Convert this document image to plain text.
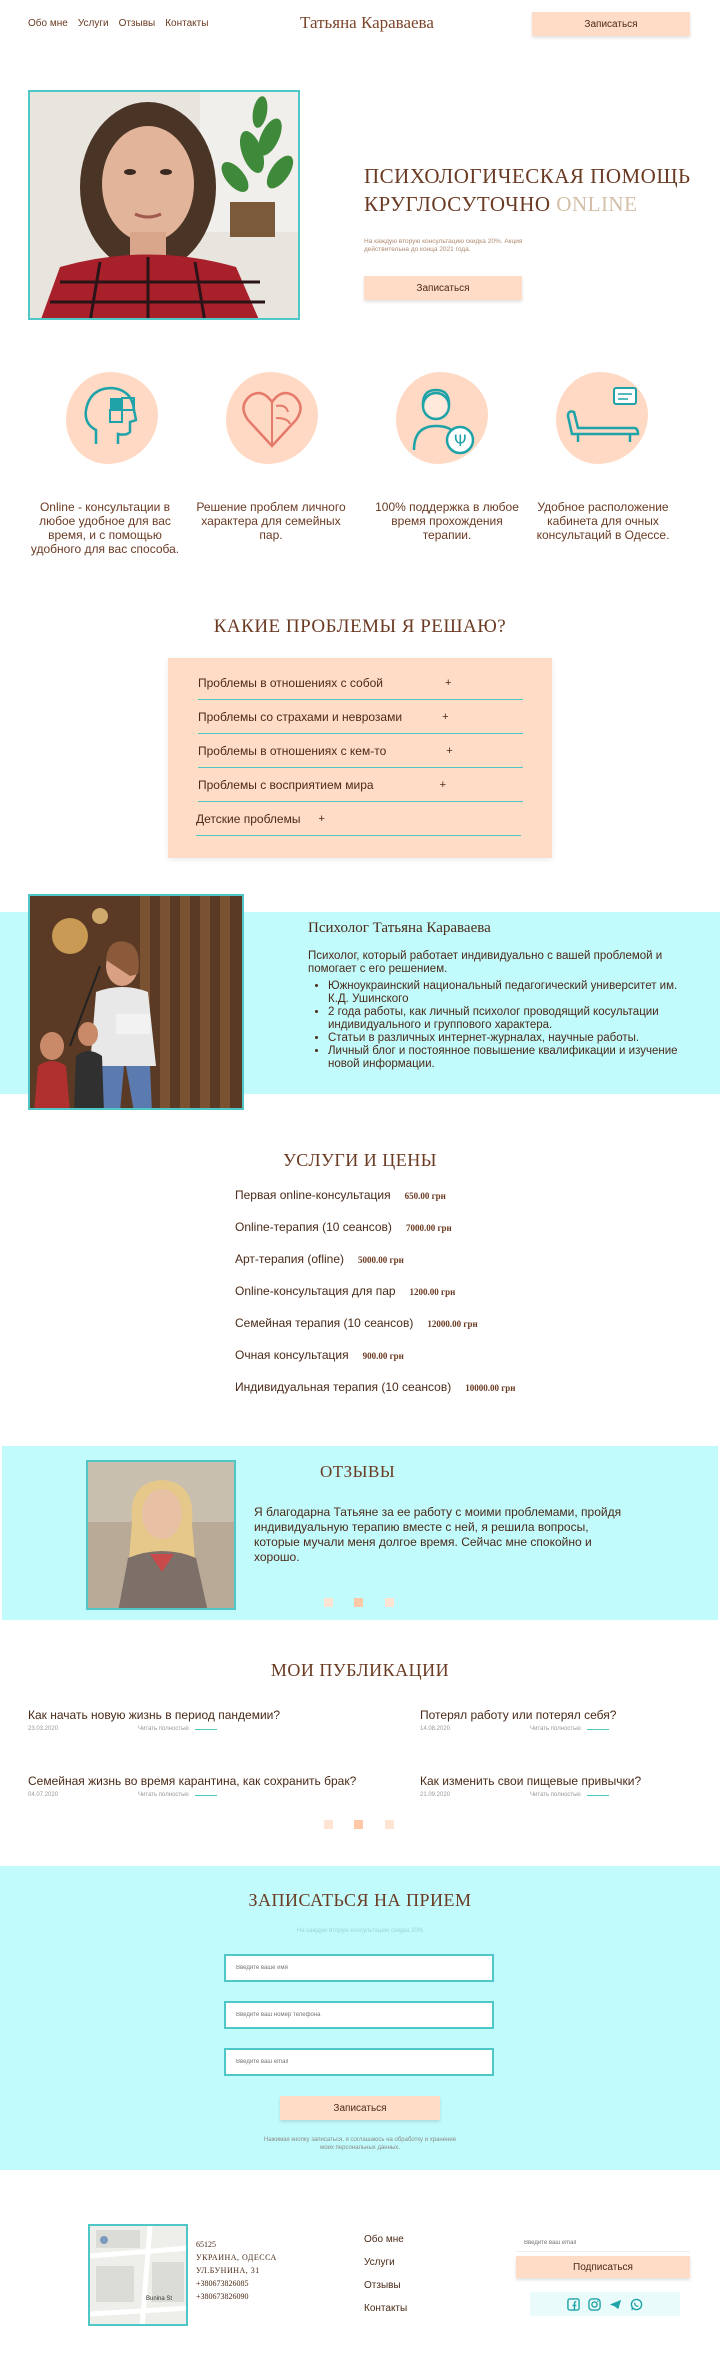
Обо мне Услуги Отзывы Контакты	Татьяна Караваева	Записаться
ПСИХОЛОГИЧЕСКАЯ ПОМОЩЬ
КРУГЛОСУТОЧНО ONLINE
На каждую вторую консультацию скидка 20%. Акция действительна до конца 2021 года.
Записаться
Online - консультации в любое удобное для вас время, и с помощью удобного для вас способа.
Решение проблем личного характера для семейных пар.
Ψ
100% поддержка в любое время прохождения терапии.
Удобное расположение кабинета для очных консультаций в Одессе.
КАКИЕ ПРОБЛЕМЫ Я РЕШАЮ?
Проблемы в отношениях с собой	+
Проблемы со страхами и неврозами	+
Проблемы в отношениях с кем-то	+
Проблемы с восприятием мира	+
Детские проблемы +
Психолог Татьяна Караваева
Психолог, который работает индивидуально с вашей проблемой и помогает с его решением.
• Южноукраинский национальный педагогический университет им. К.Д. Ушинского
• 2 года работы, как личный психолог проводящий косультации индивидуального и группового характера.
• Статьи в различных интернет-журналах, научные работы.
• Личный блог и постоянное повышение квалификации и изучение новой информации.
УСЛУГИ И ЦЕНЫ
Первая online-консультация 650.00 грн
Online-терапия (10 сеансов) 7000.00 грн
Арт-терапия (ofline) 5000.00 грн
Online-консультация для пар 1200.00 грн
Семейная терапия (10 сеансов) 12000.00 грн
Очная консультация 900.00 грн
Индивидуальная терапия (10 сеансов) 10000.00 грн
ОТЗЫВЫ
Я благодарна Татьяне за ее работу с моими проблемами, пройдя индивидуальную терапию вместе с ней, я решила вопросы, которые мучали меня долгое время. Сейчас мне спокойно и хорошо.
МОИ ПУБЛИКАЦИИ
Как начать новую жизнь в период пандемии?
23.03.2020	Читать полностью
Потерял работу или потерял себя?
14.08.2020	Читать полностью
Семейная жизнь во время карантина, как сохранить брак?
04.07.2020	Читать полностью
Как изменить свои пищевые привычки?
21.09.2020	Читать полностью
ЗАПИСАТЬСЯ НА ПРИЕМ
На каждую вторую консультацию скидка 20%
Введите ваше имя
Введите ваш номер телефона
Введите ваш email
Записаться
Нажимая кнопку записаться, я соглашаюсь на обработку и хранение моих персональных данных.
Bunina St
65125
УКРАИНА, ОДЕССА
УЛ.БУНИНА, 31
+380673826085
+380673826090
Обо мне
Услуги
Отзывы
Контакты
Введите ваш email
Подписаться
